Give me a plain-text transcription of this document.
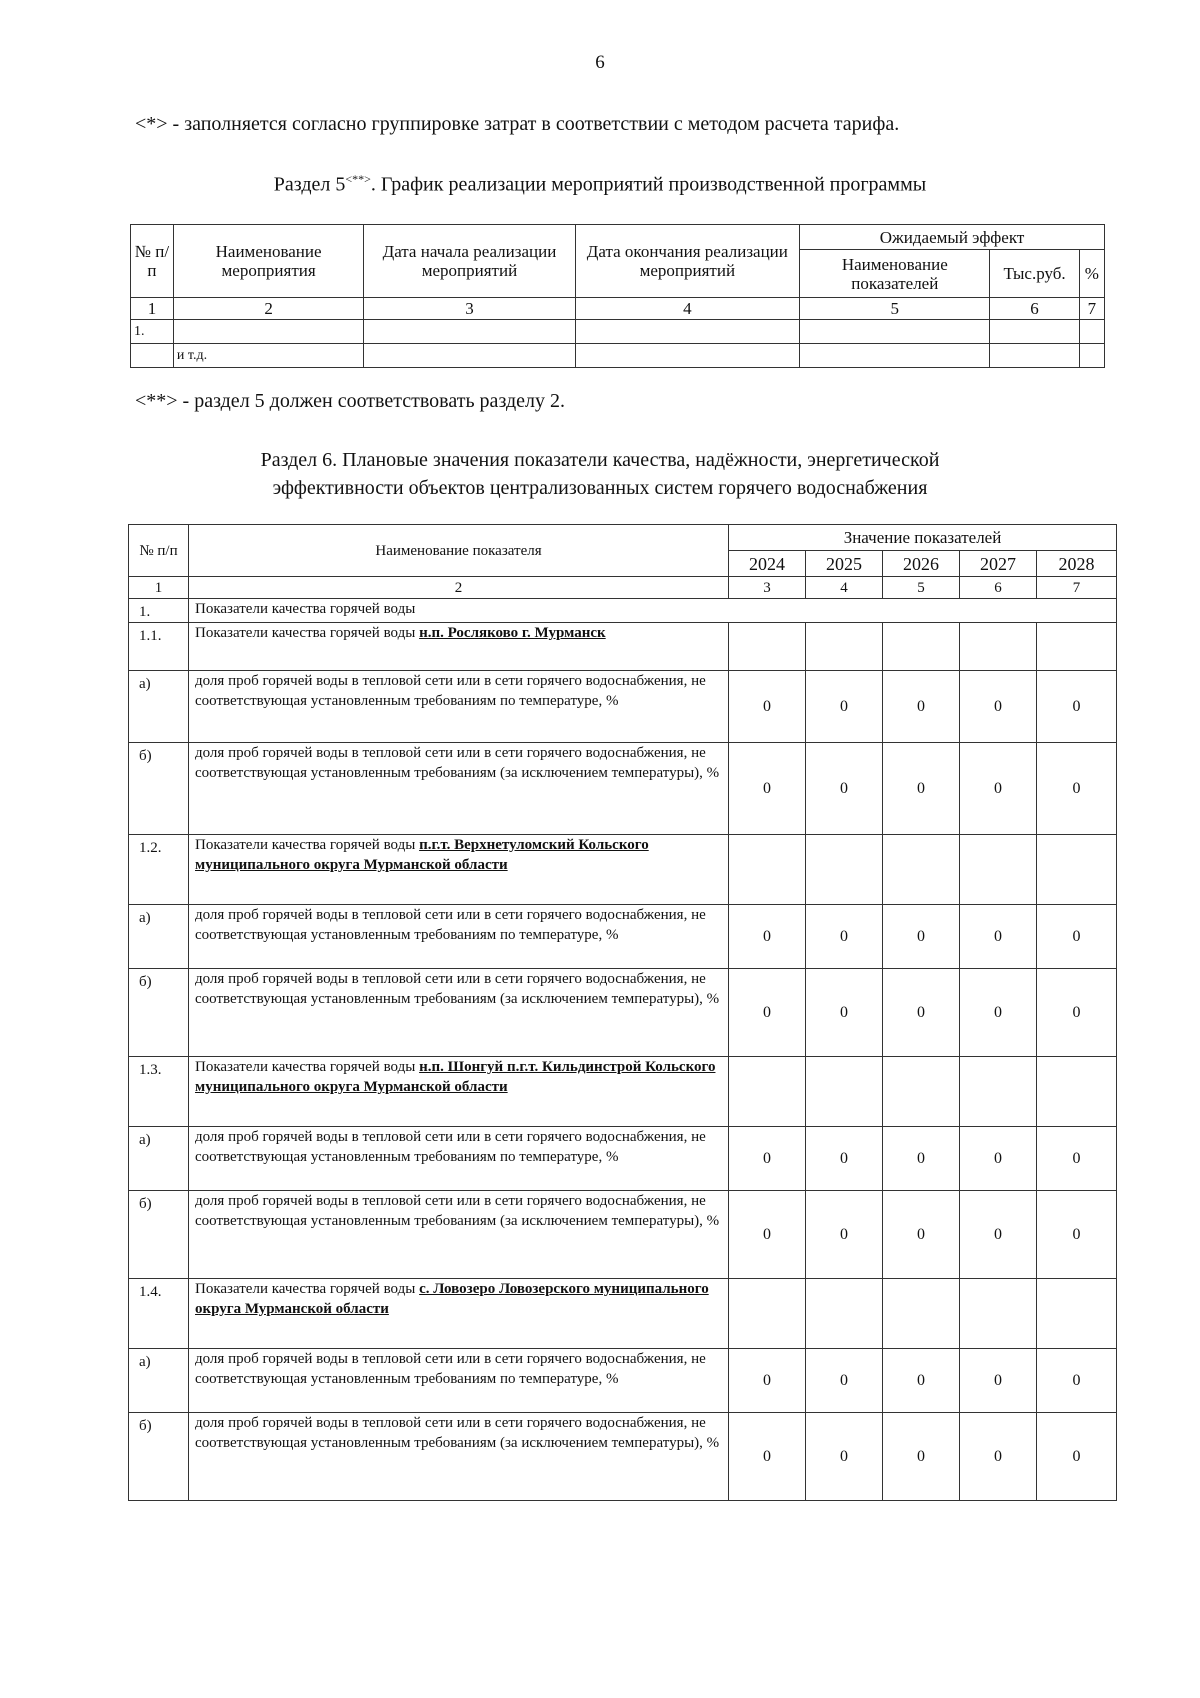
6
<*> - заполняется согласно группировке затрат в соответствии с методом расчета тарифа.
Раздел 5<**>. График реализации мероприятий производственной программы
№ п/п	Наименование мероприятия	Дата начала реализации мероприятий	Дата окончания реализации мероприятий	Ожидаемый эффект		
				Наименование показателей	Тыс.руб.	%
1	2	3	4	5	6	7
1.						
	и т.д.					
<**> - раздел 5 должен соответствовать разделу 2.
Раздел 6. Плановые значения показатели качества, надёжности, энергетической
эффективности объектов централизованных систем горячего водоснабжения
№ п/п	Наименование показателя	Значение показателей				
		2024	2025	2026	2027	2028
1	2	3	4	5	6	7
1.	Показатели качества горячей воды					
1.1.	Показатели качества горячей воды н.п. Росляково г. Мурманск					
а)	доля проб горячей воды в тепловой сети или в сети горячего водоснабжения, не соответствующая установленным требованиям по температуре, %	0	0	0	0	0
б)	доля проб горячей воды в тепловой сети или в сети горячего водоснабжения, не соответствующая установленным требованиям (за исключением температуры), %	0	0	0	0	0
1.2.	Показатели качества горячей воды п.г.т. Верхнетуломский Кольского муниципального округа Мурманской области					
а)	доля проб горячей воды в тепловой сети или в сети горячего водоснабжения, не соответствующая установленным требованиям по температуре, %	0	0	0	0	0
б)	доля проб горячей воды в тепловой сети или в сети горячего водоснабжения, не соответствующая установленным требованиям (за исключением температуры), %	0	0	0	0	0
1.3.	Показатели качества горячей воды н.п. Шонгуй п.г.т. Кильдинстрой Кольского муниципального округа Мурманской области					
а)	доля проб горячей воды в тепловой сети или в сети горячего водоснабжения, не соответствующая установленным требованиям по температуре, %	0	0	0	0	0
б)	доля проб горячей воды в тепловой сети или в сети горячего водоснабжения, не соответствующая установленным требованиям (за исключением температуры), %	0	0	0	0	0
1.4.	Показатели качества горячей воды с. Ловозеро Ловозерского муниципального округа Мурманской области					
а)	доля проб горячей воды в тепловой сети или в сети горячего водоснабжения, не соответствующая установленным требованиям по температуре, %	0	0	0	0	0
б)	доля проб горячей воды в тепловой сети или в сети горячего водоснабжения, не соответствующая установленным требованиям (за исключением температуры), %	0	0	0	0	0
